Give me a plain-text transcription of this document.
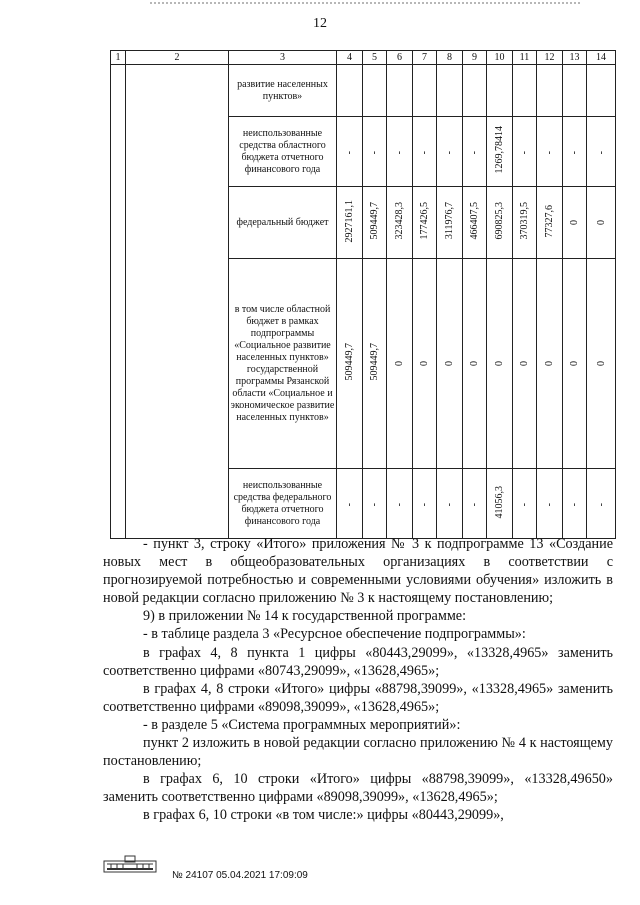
12
1	2	3	4	5	6	7	8	9	10	11	12	13	14
		развитие населенных пунктов»											
		неиспользованные средства областного бюджета отчетного финансового года	-	-	-	-	-	-	1269,78414	-	-	-	-
		федеральный бюджет	2927161,1	509449,7	323428,3	177426,5	311976,7	466407,5	690825,3	370319,5	77327,6	0	0
		в том числе областной бюджет в рамках подпрограммы «Социальное развитие населенных пунктов» государственной программы Рязанской области «Социальное и экономическое развитие населенных пунктов»	509449,7	509449,7	0	0	0	0	0	0	0	0	0
		неиспользованные средства федерального бюджета отчетного финансового года	-	-	-	-	-	-	41056,3	-	-	-	-

- пункт 3, строку «Итого» приложения № 3 к подпрограмме 13 «Создание новых мест в общеобразовательных организациях в соответствии с прогнозируемой потребностью и современными условиями обучения» изложить в новой редакции согласно приложению № 3 к настоящему постановлению;

9) в приложении № 14 к государственной программе:

- в таблице раздела 3 «Ресурсное обеспечение подпрограммы»:

в графах 4, 8 пункта 1 цифры «80443,29099», «13328,4965» заменить соответственно цифрами «80743,29099», «13628,4965»;

в графах 4, 8 строки «Итого» цифры «88798,39099», «13328,4965» заменить соответственно цифрами «89098,39099», «13628,4965»;

- в разделе 5 «Система программных мероприятий»:

пункт 2 изложить в новой редакции согласно приложению № 4 к настоящему постановлению;

в графах 6, 10 строки «Итого» цифры «88798,39099», «13328,49650» заменить соответственно цифрами «89098,39099», «13628,4965»;

в графах 6, 10 строки «в том числе:» цифры «80443,29099»,

№ 24107 05.04.2021 17:09:09
